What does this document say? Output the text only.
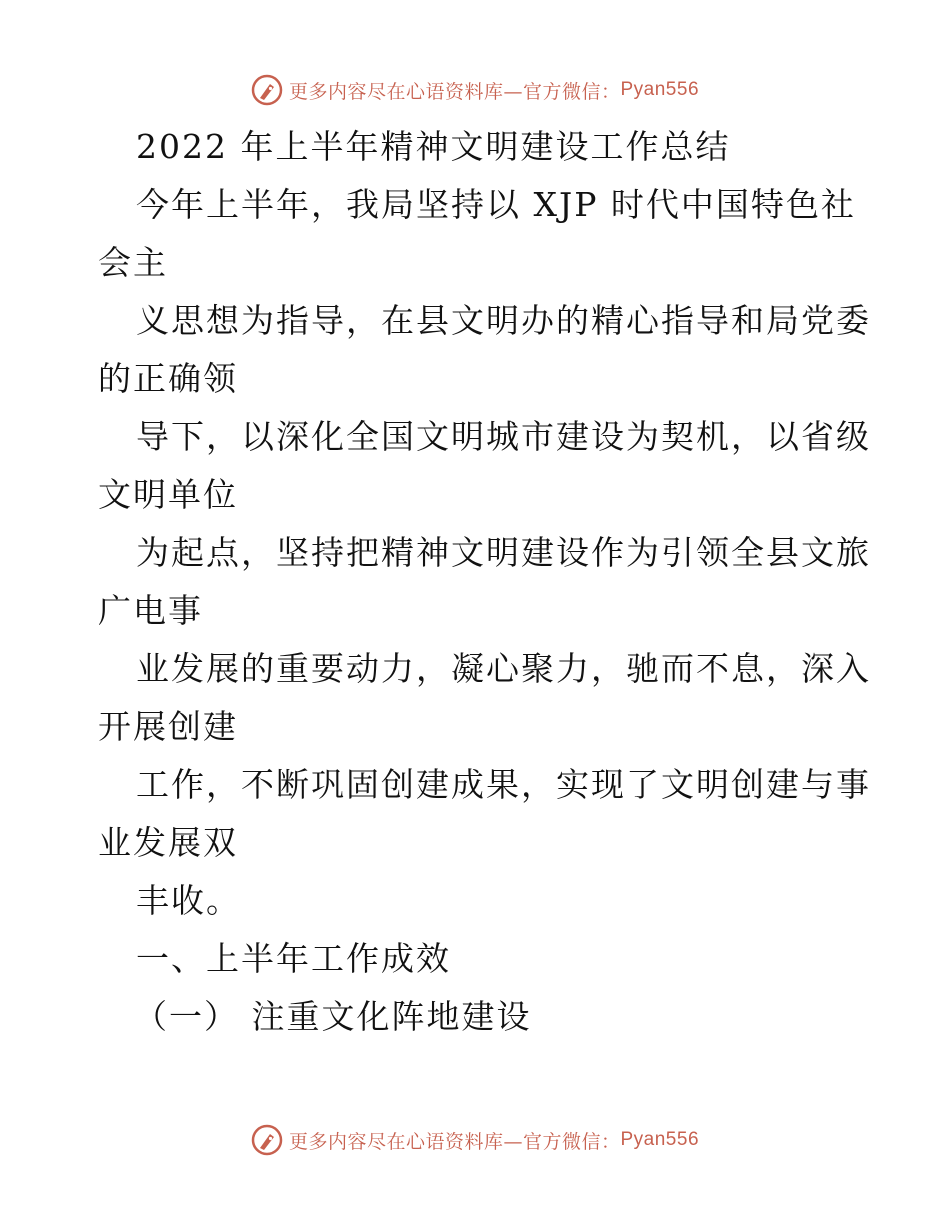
更多内容尽在心语资料库—官方微信： Pyan556
2022 年上半年精神文明建设工作总结
今年上半年，我局坚持以 XJP 时代中国特色社
会主
义思想为指导，在县文明办的精心指导和局党委
的正确领
导下，以深化全国文明城市建设为契机，以省级
文明单位
为起点，坚持把精神文明建设作为引领全县文旅
广电事
业发展的重要动力，凝心聚力，驰而不息，深入
开展创建
工作，不断巩固创建成果，实现了文明创建与事
业发展双
丰收。
一、上半年工作成效
（一） 注重文化阵地建设
更多内容尽在心语资料库—官方微信： Pyan556
